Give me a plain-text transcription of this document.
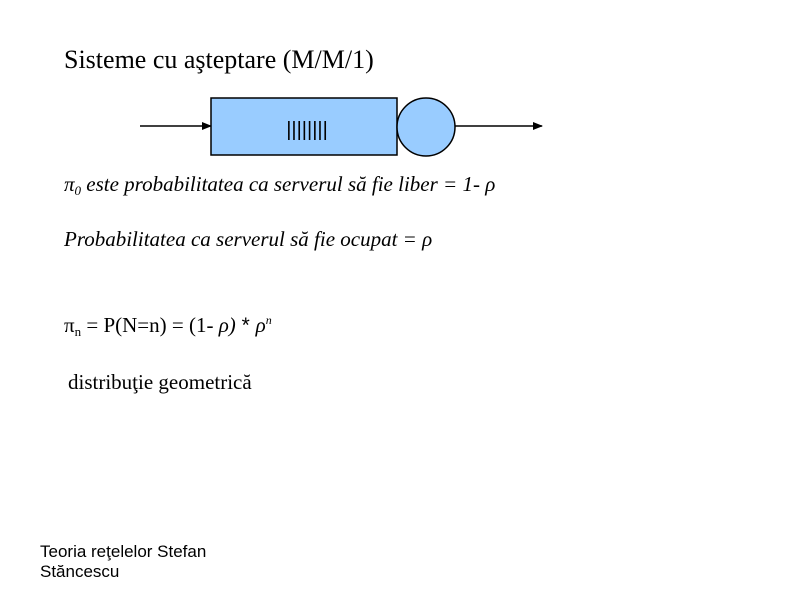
Sisteme cu aşteptare (M/M/1)
||||||||
$\pi_0$ este probabilitatea ca serverul să fie liber = 1- ρ
Probabilitatea ca serverul să fie ocupat = ρ
$\pi_n = P(N=n) = (1-$ $\rho) * \rho^n$
distribuţie geometrică
Teoria reţelelor Stefan Stăncescu
